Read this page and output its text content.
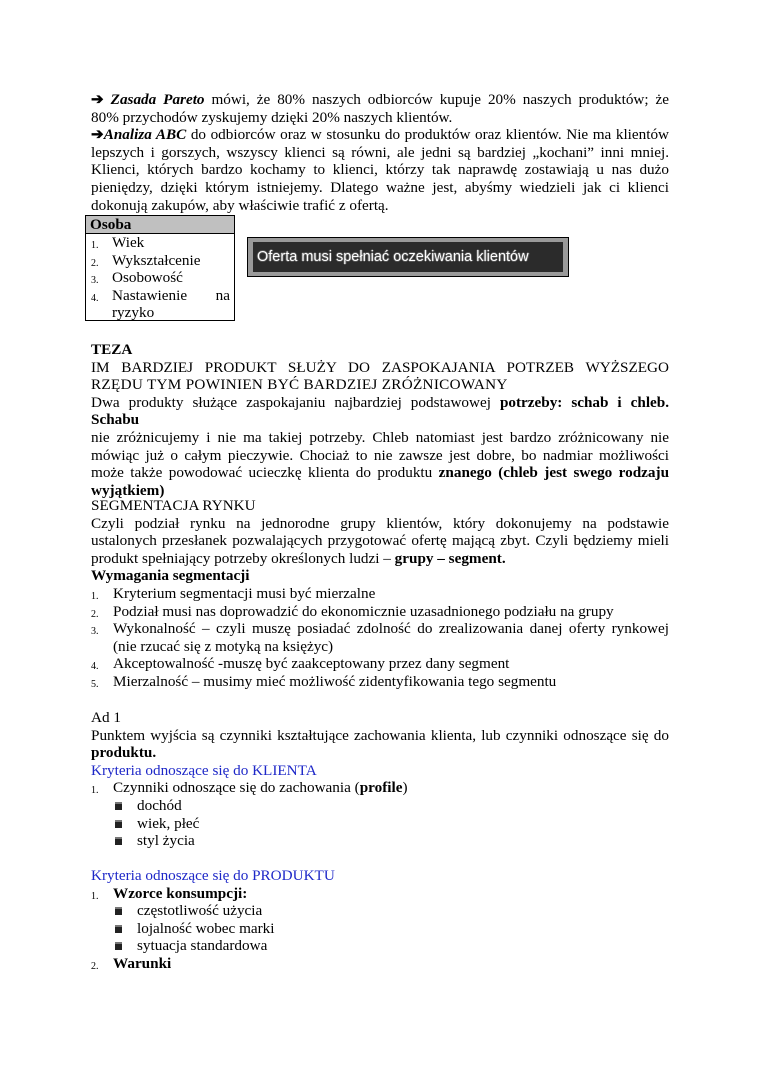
➔ Zasada Pareto mówi, że 80% naszych odbiorców kupuje 20% naszych produktów; że

80% przychodów zyskujemy dzięki 20% naszych klientów.

➔Analiza ABC do odbiorców oraz w stosunku do produktów oraz klientów. Nie ma klientów

lepszych i gorszych, wszyscy klienci są równi, ale jedni są bardziej „kochani” inni mniej.

Klienci, których bardzo kochamy to klienci, którzy tak naprawdę zostawiają u nas dużo

pieniędzy, dzięki którym istniejemy. Dlatego ważne jest, abyśmy wiedzieli jak ci klienci

dokonują zakupów, aby właściwie trafić z ofertą.

Osoba
1. Wiek
2. Wykształcenie
3. Osobowość
4. Nastawienie na ryzyko
Oferta musi spełniać oczekiwania klientów

TEZA

IM BARDZIEJ PRODUKT SŁUŻY DO ZASPOKAJANIA POTRZEB WYŻSZEGO

RZĘDU TYM POWINIEN BYĆ BARDZIEJ ZRÓŻNICOWANY

Dwa produkty służące zaspokajaniu najbardziej podstawowej potrzeby: schab i chleb. Schabu

nie zróżnicujemy i nie ma takiej potrzeby. Chleb natomiast jest bardzo zróżnicowany nie

mówiąc już o całym pieczywie. Chociaż to nie zawsze jest dobre, bo nadmiar możliwości

może także powodować ucieczkę klienta do produktu znanego (chleb jest swego rodzaju

wyjątkiem)

SEGMENTACJA RYNKU

Czyli podział rynku na jednorodne grupy klientów, który dokonujemy na podstawie

ustalonych przesłanek pozwalających przygotować ofertę mającą zbyt. Czyli będziemy mieli

produkt spełniający potrzeby określonych ludzi – grupy – segment.

Wymagania segmentacji

1. Kryterium segmentacji musi być mierzalne
2. Podział musi nas doprowadzić do ekonomicznie uzasadnionego podziału na grupy
3. Wykonalność – czyli muszę posiadać zdolność do zrealizowania danej oferty rynkowej
(nie rzucać się z motyką na księżyc)
4. Akceptowalność -muszę być zaakceptowany przez dany segment
5. Mierzalność – musimy mieć możliwość zidentyfikowania tego segmentu

Ad 1

Punktem wyjścia są czynniki kształtujące zachowania klienta, lub czynniki odnoszące się do

produktu.

Kryteria odnoszące się do KLIENTA

1. Czynniki odnoszące się do zachowania (profile)
dochód
wiek, płeć
styl życia

Kryteria odnoszące się do PRODUKTU

1. Wzorce konsumpcji:
częstotliwość użycia
lojalność wobec marki
sytuacja standardowa
2. Warunki
